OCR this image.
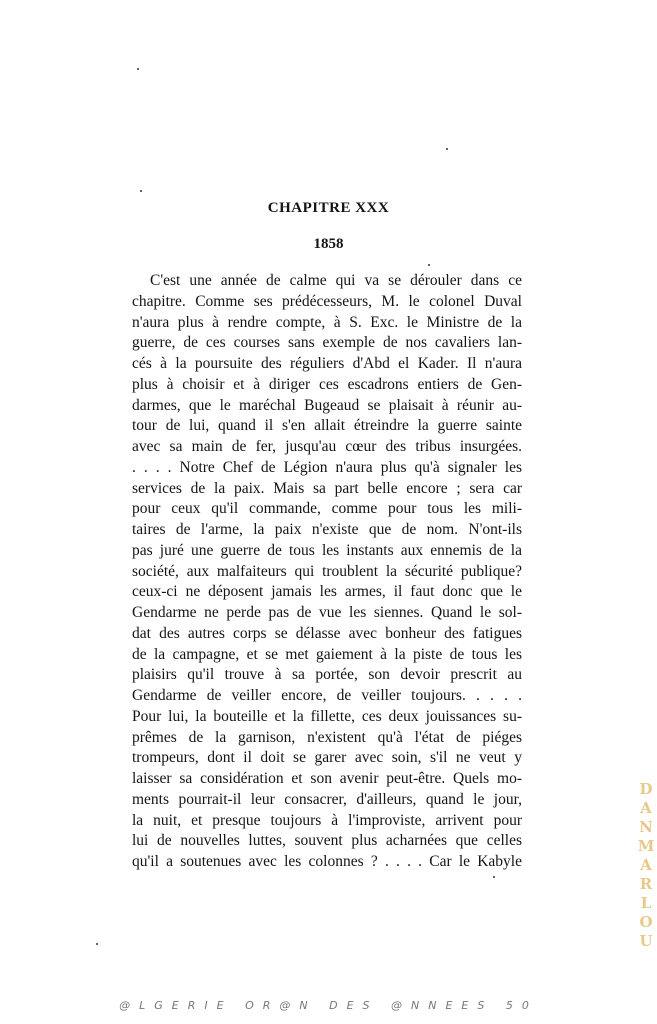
CHAPITRE XXX
1858
C'est une année de calme qui va se dérouler dans ce
chapitre. Comme ses prédécesseurs, M. le colonel Duval
n'aura plus à rendre compte, à S. Exc. le Ministre de la
guerre, de ces courses sans exemple de nos cavaliers lan-
cés à la poursuite des réguliers d'Abd el Kader. Il n'aura
plus à choisir et à diriger ces escadrons entiers de Gen-
darmes, que le maréchal Bugeaud se plaisait à réunir au-
tour de lui, quand il s'en allait étreindre la guerre sainte
avec sa main de fer, jusqu'au cœur des tribus insurgées.
. . . . Notre Chef de Légion n'aura plus qu'à signaler les
services de la paix. Mais sa part belle encore ; sera car
pour ceux qu'il commande, comme pour tous les mili-
taires de l'arme, la paix n'existe que de nom. N'ont-ils
pas juré une guerre de tous les instants aux ennemis de la
société, aux malfaiteurs qui troublent la sécurité publique?
ceux-ci ne déposent jamais les armes, il faut donc que le
Gendarme ne perde pas de vue les siennes. Quand le sol-
dat des autres corps se délasse avec bonheur des fatigues
de la campagne, et se met gaiement à la piste de tous les
plaisirs qu'il trouve à sa portée, son devoir prescrit au
Gendarme de veiller encore, de veiller toujours. . . . .
Pour lui, la bouteille et la fillette, ces deux jouissances su-
prêmes de la garnison, n'existent qu'à l'état de piéges
trompeurs, dont il doit se garer avec soin, s'il ne veut y
laisser sa considération et son avenir peut-être. Quels mo-
ments pourrait-il leur consacrer, d'ailleurs, quand le jour,
la nuit, et presque toujours à l'improviste, arrivent pour
lui de nouvelles luttes, souvent plus acharnées que celles
qu'il a soutenues avec les colonnes ? . . . . Car le Kabyle	DANMARLOU
@LGERIE OR@N DES @NNEES 50
